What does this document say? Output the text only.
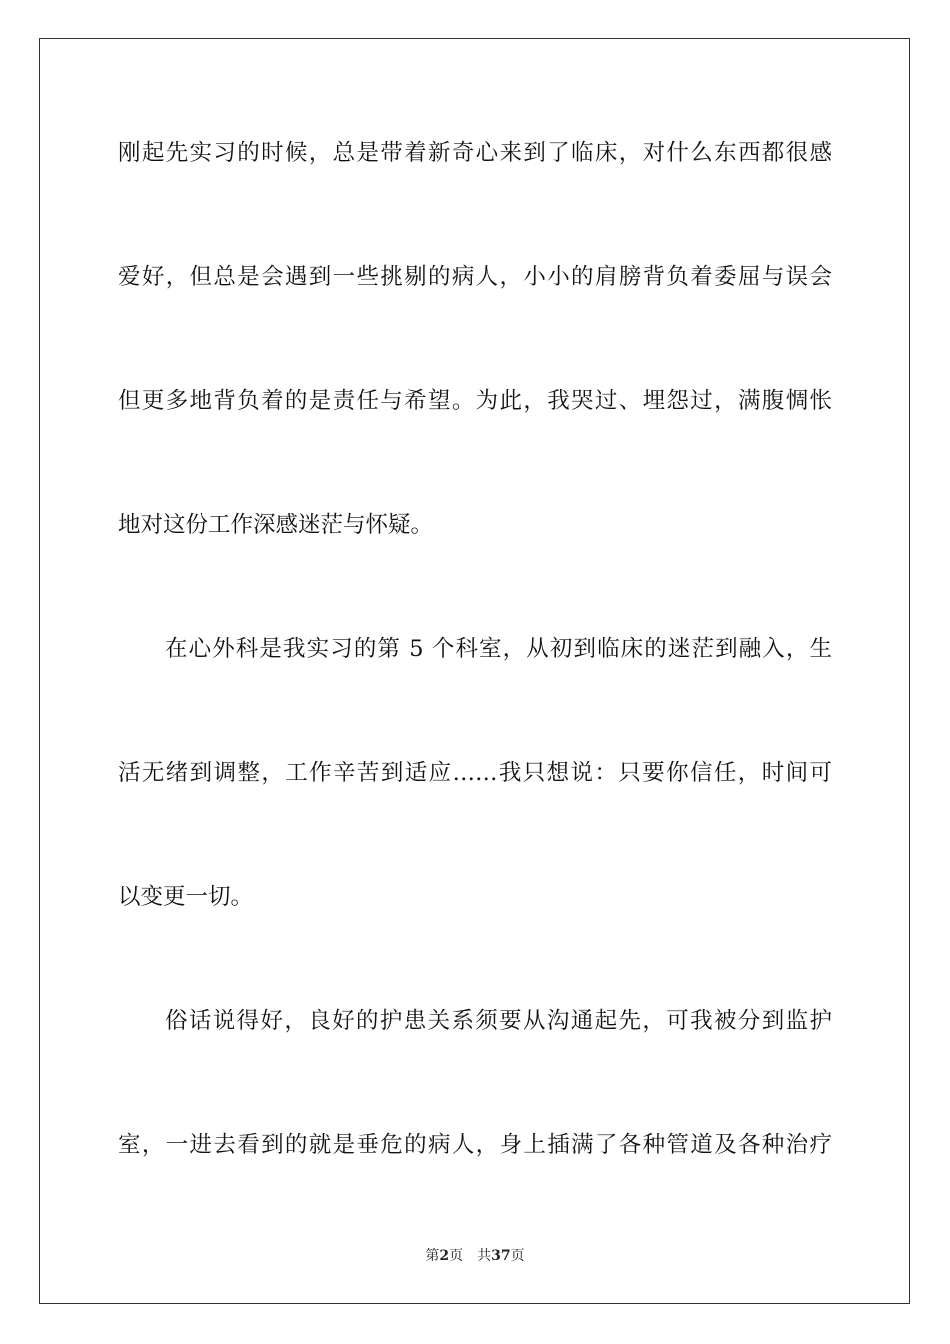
刚起先实习的时候，总是带着新奇心来到了临床，对什么东西都很感
爱好，但总是会遇到一些挑剔的病人，小小的肩膀背负着委屈与误会
但更多地背负着的是责任与希望。为此，我哭过、埋怨过，满腹惆怅
地对这份工作深感迷茫与怀疑。
在心外科是我实习的第 5 个科室，从初到临床的迷茫到融入，生
活无绪到调整，工作辛苦到适应……我只想说：只要你信任，时间可
以变更一切。
俗话说得好，良好的护患关系须要从沟通起先，可我被分到监护
室，一进去看到的就是垂危的病人，身上插满了各种管道及各种治疗
第2页 共37页
